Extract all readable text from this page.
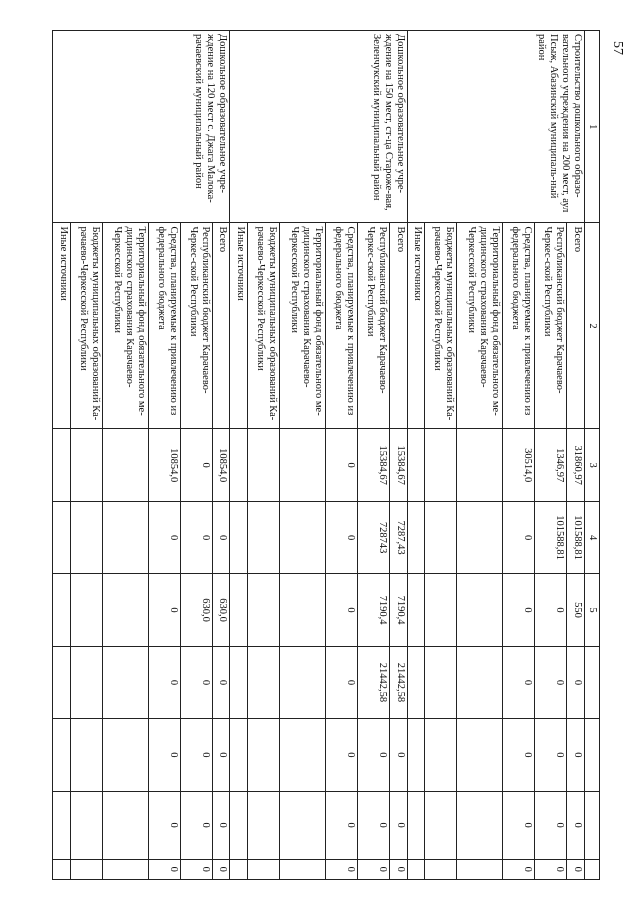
57
1	2	3	4	5				
Строительство дошкольного образо-вательного учреждения на 200 мест, аул Псыж, Абазинский муниципаль-ный район	Всего	31860,97	101588,81	550	0	0	0	0
	Республиканский бюджет Карачаево-Черкес-ской Республики	1346,97	101588,81	0	0	0	0	0
	Средства, планируемые к привлечению из федерального бюджета	30514,0	0	0	0	0	0	0
	Территориальный фонд обязательного ме-дицинского страхования Карачаево-Черкесской Республики							
	Бюджеты муниципальных образований Ка-рачаево-Черкесской Республики							
	Иные источники							
Дошкольное образовательное учре-ждение на 150 мест, ст-ца Староже-вая, Зеленчукский муниципальный район	Всего	15384,67	7287,43	7190,4	21442,58	0	0	0
	Республиканский бюджет Карачаево-Черкес-ской Республики	15384,67	728743	7190,4	21442,58	0	0	0
	Средства, планируемые к привлечению из федерального бюджета	0	0	0	0	0	0	0
	Территориальный фонд обязательного ме-дицинского страхования Карачаево-Черкесской Республики							
	Бюджеты муниципальных образований Ка-рачаево-Черкесской Республики							
	Иные источники							
Дошкольное образовательное учре-ждение на 120 мест с. Джага Малока-рачаевский муниципальный район	Всего	10854,0	0	630,0	0	0	0	0
	Республиканский бюджет Карачаево-Черкес-ской Республики	0	0	630,0	0	0	0	0
	Средства, планируемые к привлечению из федерального бюджета	10854,0	0	0	0	0	0	0
	Территориальный фонд обязательного ме-дицинского страхования Карачаево-Черкесской Республики							
	Бюджеты муниципальных образований Ка-рачаево-Черкесской Республики							
	Иные источники							
